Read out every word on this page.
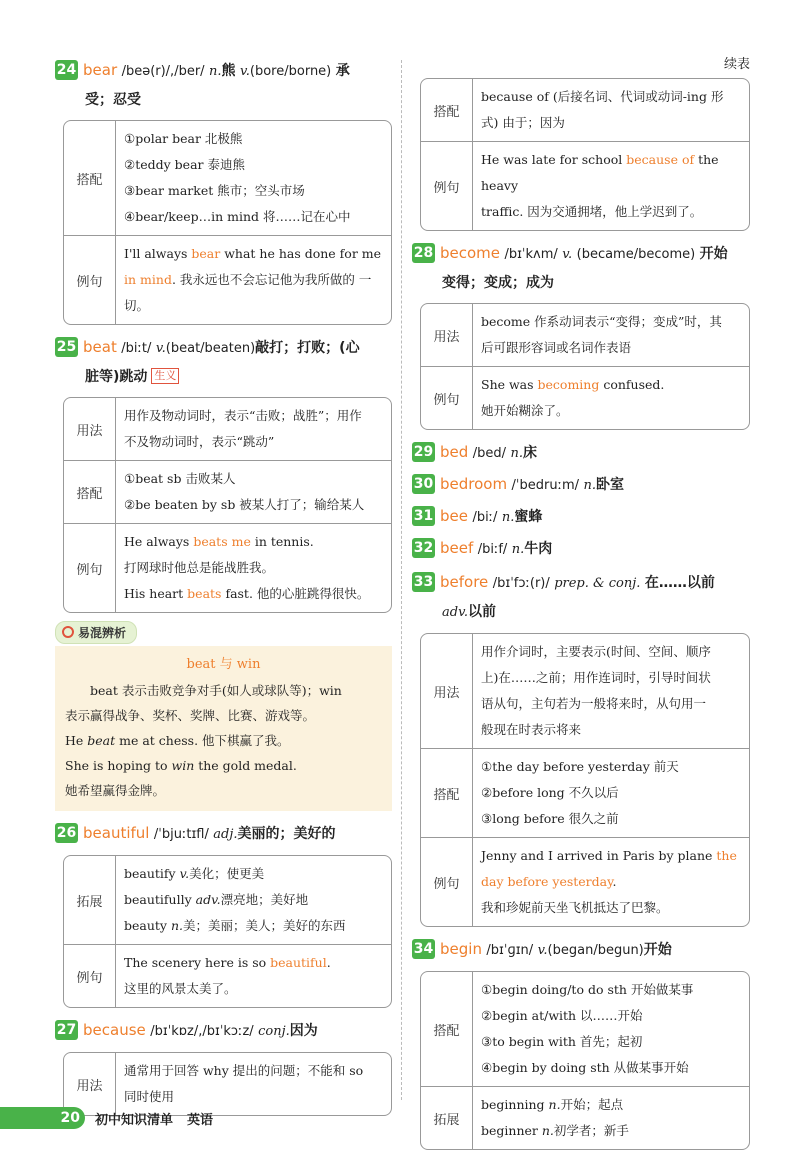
24 bear /beə(r)/,/ber/ n.熊 v.(bore/borne) 承
受；忍受
搭配
①polar bear 北极熊
②teddy bear 泰迪熊
③bear market 熊市；空头市场
④bear/keep…in mind 将……记在心中
例句
I'll always bear what he has done for me in mind. 我永远也不会忘记他为我所做的 一切。
25 beat /biːt/ v.(beat/beaten)敲打；打败；(心
脏等)跳动 生义
用法
用作及物动词时，表示“击败；战胜”；用作
不及物动词时，表示“跳动”
搭配
①beat sb 击败某人
②be beaten by sb 被某人打了；输给某人
例句
He always beats me in tennis.
打网球时他总是能战胜我。
His heart beats fast. 他的心脏跳得很快。
易混辨析
beat 与 win
beat 表示击败竞争对手(如人或球队等)；win
表示赢得战争、奖杯、奖牌、比赛、游戏等。
He beat me at chess. 他下棋赢了我。
She is hoping to win the gold medal.
她希望赢得金牌。
26 beautiful /ˈbjuːtɪfl/ adj.美丽的；美好的
拓展
beautify v.美化；使更美
beautifully adv.漂亮地；美好地
beauty n.美；美丽；美人；美好的东西
例句
The scenery here is so beautiful.
这里的风景太美了。
27 because /bɪˈkɒz/,/bɪˈkɔːz/ conj.因为
用法
通常用于回答 why 提出的问题；不能和 so
同时使用
续表
搭配
because of (后接名词、代词或动词-ing 形
式) 由于；因为
例句
He was late for school because of the heavy
traffic. 因为交通拥堵，他上学迟到了。
28 become /bɪˈkʌm/ v. (became/become) 开始
变得；变成；成为
用法
become 作系动词表示“变得；变成”时，其
后可跟形容词或名词作表语
例句
She was becoming confused.
她开始糊涂了。
29 bed /bed/ n.床
30 bedroom /ˈbedruːm/ n.卧室
31 bee /biː/ n.蜜蜂
32 beef /biːf/ n.牛肉
33 before /bɪˈfɔː(r)/ prep. & conj. 在……以前
adv.以前
用法
用作介词时，主要表示(时间、空间、顺序
上)在……之前；用作连词时，引导时间状
语从句，主句若为一般将来时，从句用一
般现在时表示将来
搭配
①the day before yesterday 前天
②before long 不久以后
③long before 很久之前
例句
Jenny and I arrived in Paris by plane the
day before yesterday.
我和珍妮前天坐飞机抵达了巴黎。
34 begin /bɪˈɡɪn/ v.(began/begun)开始
搭配
①begin doing/to do sth 开始做某事
②begin at/with 以……开始
③to begin with 首先；起初
④begin by doing sth 从做某事开始
拓展
beginning n.开始；起点
beginner n.初学者；新手
20	初中知识清单 英语
